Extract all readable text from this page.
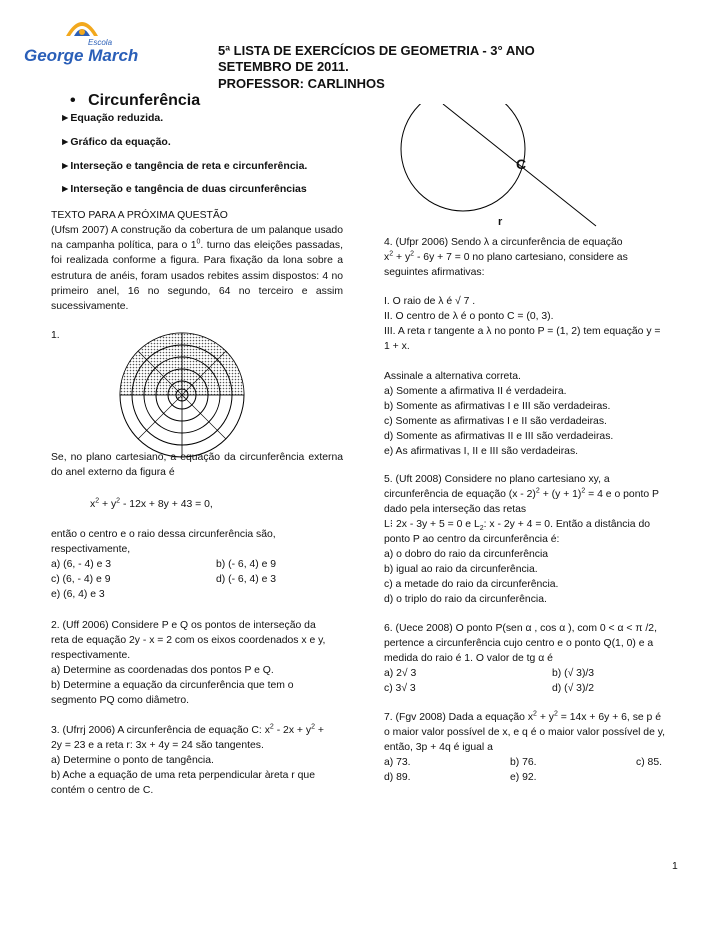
Escola
George March	5ª LISTA DE EXERCÍCIOS DE GEOMETRIA - 3° ANO
SETEMBRO DE 2011.
PROFESSOR: CARLINHOS
• Circunferência
►Equação reduzida.
►Gráfico da equação.
►Interseção e tangência de reta e circunferência.
►Interseção e tangência de duas circunferências
C
r
TEXTO PARA A PRÓXIMA QUESTÃO
(Ufsm 2007) A construção da cobertura de um palanque usado na campanha política, para o $1^0$. turno das eleições passadas, foi realizada conforme a figura. Para fixação da lona sobre a estrutura de anéis, foram usados rebites assim dispostos: 4 no primeiro anel, 16 no segundo, 64 no terceiro e assim sucessivamente.
1.
Se, no plano cartesiano, a equação da circunferência externa do anel externo da figura é
$x^2 + y^2 - 12x + 8y + 43 = 0$,
então o centro e o raio dessa circunferência são,
respectivamente,
a) (6, - 4) e 3	b) (- 6, 4) e 9
c) (6, - 4) e 9	d) (- 6, 4) e 3
e) (6, 4) e 3
2. (Uff 2006) Considere P e Q os pontos de interseção da
reta de equação 2y - x = 2 com os eixos coordenados x e y,
respectivamente.
a) Determine as coordenadas dos pontos P e Q.
b) Determine a equação da circunferência que tem o
segmento PQ como diâmetro.
3. (Ufrrj 2006) A circunferência de equação C: $x^2 - 2x + y^2$ +
2y = 23 e a reta r: 3x + 4y = 24 são tangentes.
a) Determine o ponto de tangência.
b) Ache a equação de uma reta perpendicular àreta r que
contém o centro de C.
4. (Ufpr 2006) Sendo λ a circunferência de equação
$x^2 + y^2 - 6y + 7 = 0$ no plano cartesiano, considere as
seguintes afirmativas:
I. O raio de λ é √ 7 .
II. O centro de λ é o ponto C = (0, 3).
III. A reta r tangente a λ no ponto P = (1, 2) tem equação y =
1 + x.
Assinale a alternativa correta.
a) Somente a afirmativa II é verdadeira.
b) Somente as afirmativas I e III são verdadeiras.
c) Somente as afirmativas I e II são verdadeiras.
d) Somente as afirmativas II e III são verdadeiras.
e) As afirmativas I, II e III são verdadeiras.
5. (Uft 2008) Considere no plano cartesiano xy, a
circunferência de equação $(x - 2)^2 + (y + 1)^2 = 4$ e o ponto P
dado pela interseção das retas
L⁝ 2x - 3y + 5 = 0 e $L_2$: x - 2y + 4 = 0. Então a distância do
ponto P ao centro da circunferência é:
a) o dobro do raio da circunferência
b) igual ao raio da circunferência.
c) a metade do raio da circunferência.
d) o triplo do raio da circunferência.
6. (Uece 2008) O ponto P(sen α , cos α ), com 0 < α < π /2,
pertence a circunferência cujo centro e o ponto Q(1, 0) e a
medida do raio é 1. O valor de tg α é
a) 2√ 3	b) (√ 3)/3
c) 3√ 3	d) (√ 3)/2
7. (Fgv 2008) Dada a equação $x^2 + y^2 = 14x + 6y + 6$, se p é
o maior valor possível de x, e q é o maior valor possível de y,
então, 3p + 4q é igual a
a) 73.	b) 76.	c) 85.
d) 89.	e) 92.
1
